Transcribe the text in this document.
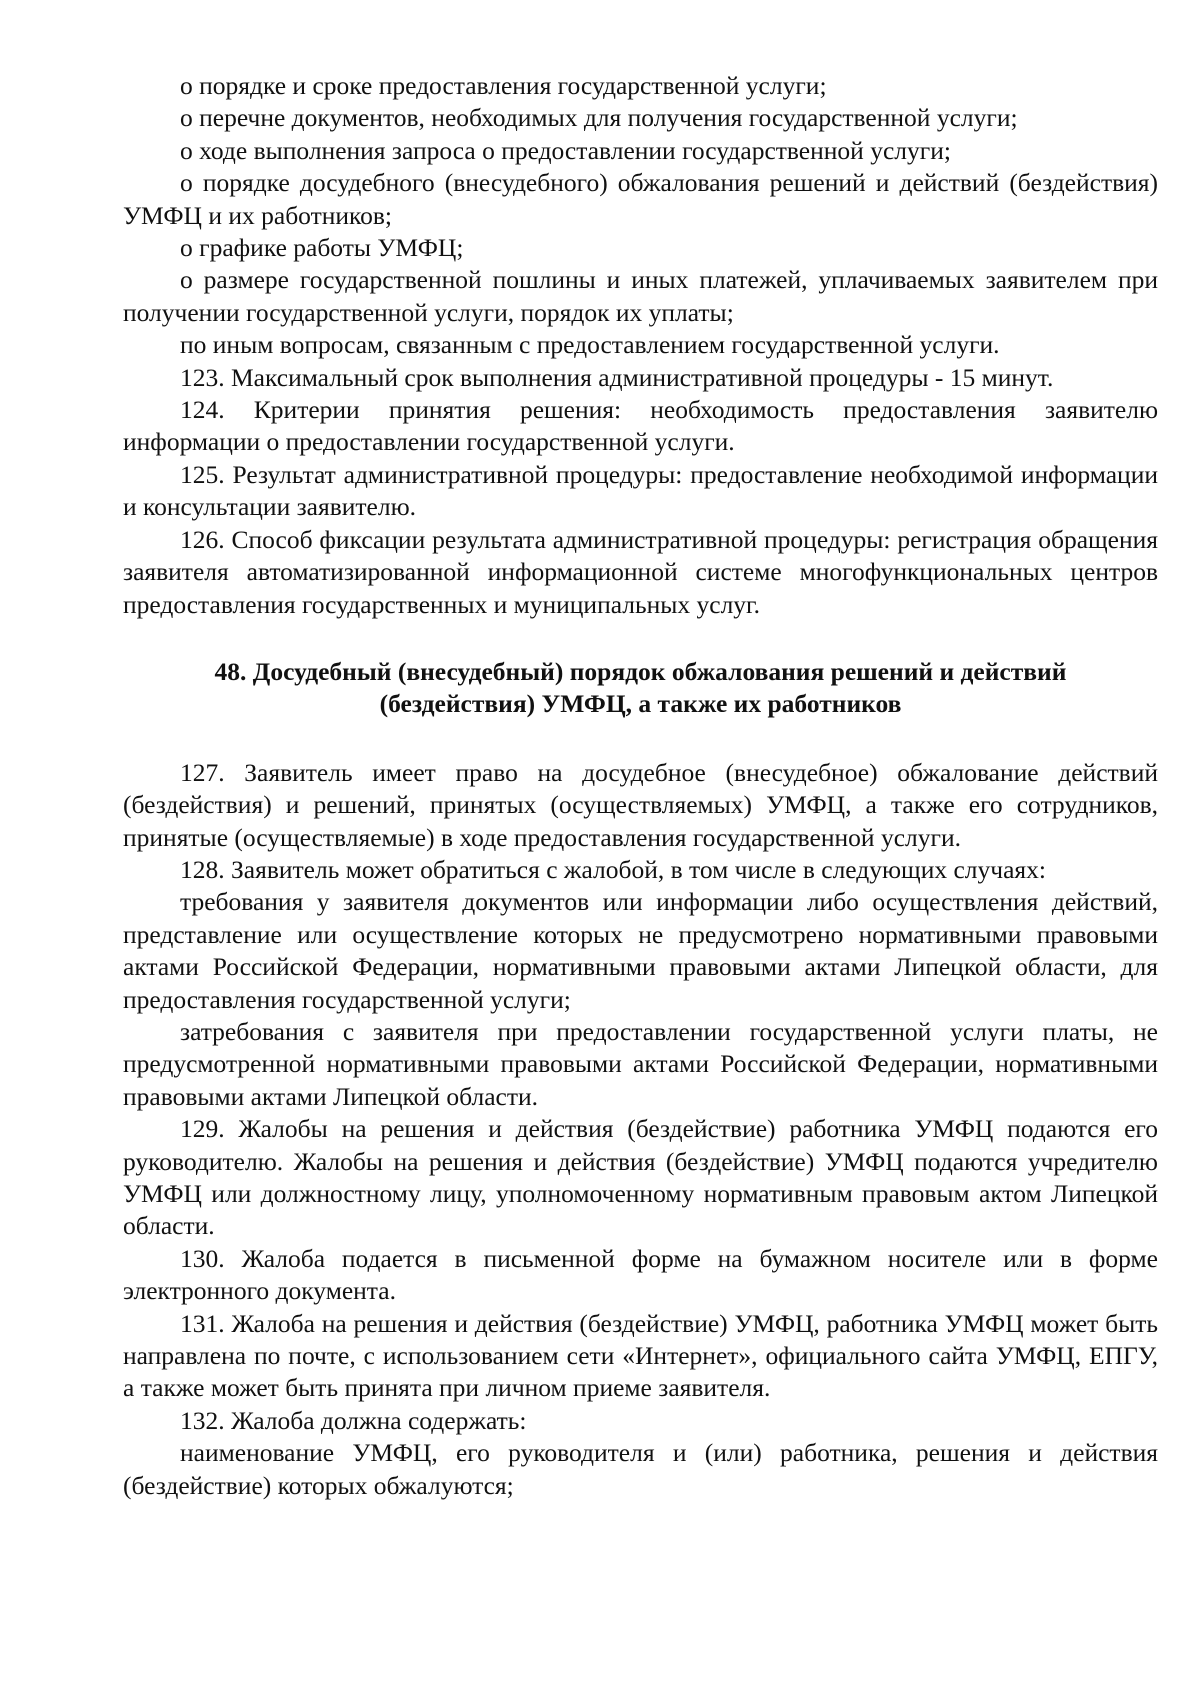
о порядке и сроке предоставления государственной услуги;

о перечне документов, необходимых для получения государственной услуги;

о ходе выполнения запроса о предоставлении государственной услуги;

о порядке досудебного (внесудебного) обжалования решений и действий (бездействия) УМФЦ и их работников;

о графике работы УМФЦ;

о размере государственной пошлины и иных платежей, уплачиваемых заявителем при получении государственной услуги, порядок их уплаты;

по иным вопросам, связанным с предоставлением государственной услуги.

123. Максимальный срок выполнения административной процедуры - 15 минут.

124. Критерии принятия решения: необходимость предоставления заявителю информации о предоставлении государственной услуги.

125. Результат административной процедуры: предоставление необходимой информации и консультации заявителю.

126. Способ фиксации результата административной процедуры: регистрация обращения заявителя автоматизированной информационной системе многофункциональных центров предоставления государственных и муниципальных услуг.

48. Досудебный (внесудебный) порядок обжалования решений и действий
(бездействия) УМФЦ, а также их работников

127. Заявитель имеет право на досудебное (внесудебное) обжалование действий (бездействия) и решений, принятых (осуществляемых) УМФЦ, а также его сотрудников, принятые (осуществляемые) в ходе предоставления государственной услуги.

128. Заявитель может обратиться с жалобой, в том числе в следующих случаях:

требования у заявителя документов или информации либо осуществления действий, представление или осуществление которых не предусмотрено нормативными правовыми актами Российской Федерации, нормативными правовыми актами Липецкой области, для предоставления государственной услуги;

затребования с заявителя при предоставлении государственной услуги платы, не предусмотренной нормативными правовыми актами Российской Федерации, нормативными правовыми актами Липецкой области.

129. Жалобы на решения и действия (бездействие) работника УМФЦ подаются его руководителю. Жалобы на решения и действия (бездействие) УМФЦ подаются учредителю УМФЦ или должностному лицу, уполномоченному нормативным правовым актом Липецкой области.

130. Жалоба подается в письменной форме на бумажном носителе или в форме электронного документа.

131. Жалоба на решения и действия (бездействие) УМФЦ, работника УМФЦ может быть направлена по почте, с использованием сети «Интернет», официального сайта УМФЦ, ЕПГУ, а также может быть принята при личном приеме заявителя.

132. Жалоба должна содержать:

наименование УМФЦ, его руководителя и (или) работника, решения и действия (бездействие) которых обжалуются;
